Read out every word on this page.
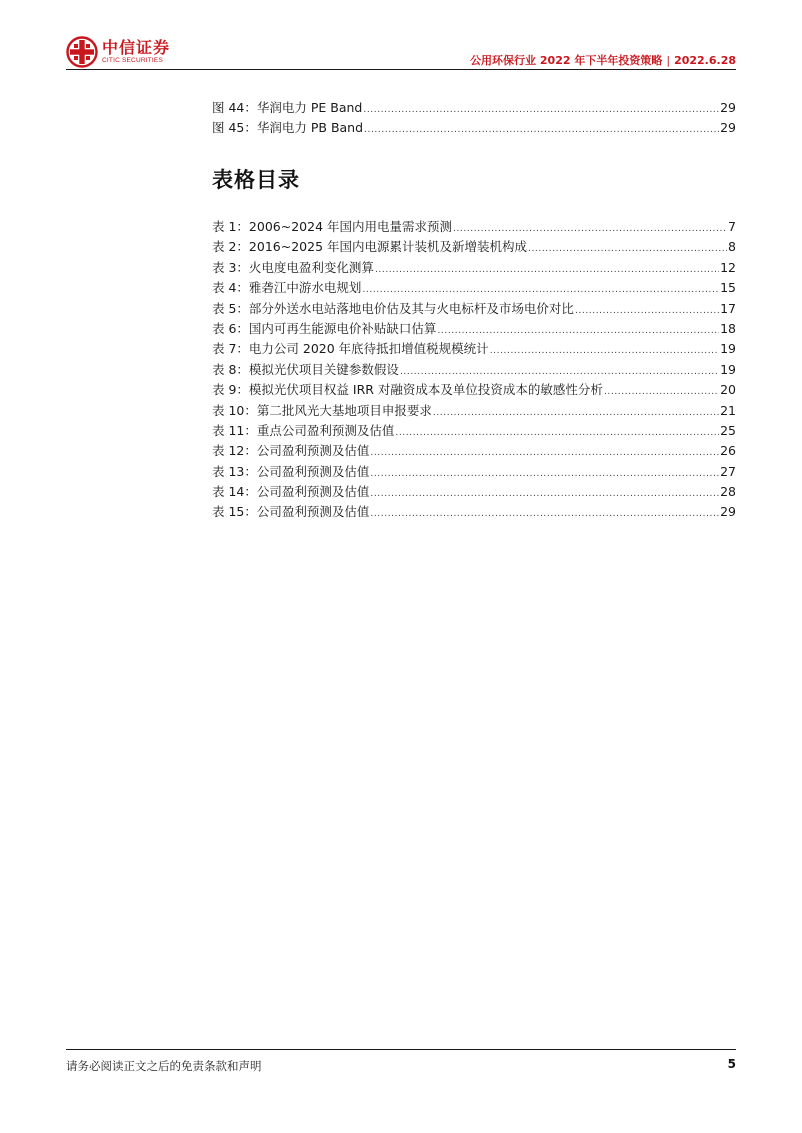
中信证券
CITIC SECURITIES	公用环保行业 2022 年下半年投资策略 | 2022.6.28
图 44：华润电力 PE Band .....	29
图 45：华润电力 PB Band .....	29
表格目录
表 1：2006~2024 年国内用电量需求预测 .....	7
表 2：2016~2025 年国内电源累计装机及新增装机构成 .....	8
表 3：火电度电盈利变化测算 .....	12
表 4：雅砻江中游水电规划 .....	15
表 5：部分外送水电站落地电价估及其与火电标杆及市场电价对比 .....	17
表 6：国内可再生能源电价补贴缺口估算 .....	18
表 7：电力公司 2020 年底待抵扣增值税规模统计 .....	19
表 8：模拟光伏项目关键参数假设 .....	19
表 9：模拟光伏项目权益 IRR 对融资成本及单位投资成本的敏感性分析 .....	20
表 10：第二批风光大基地项目申报要求 .....	21
表 11：重点公司盈利预测及估值 .....	25
表 12：公司盈利预测及估值 .....	26
表 13：公司盈利预测及估值 .....	27
表 14：公司盈利预测及估值 .....	28
表 15：公司盈利预测及估值 .....	29
请务必阅读正文之后的免责条款和声明	5
